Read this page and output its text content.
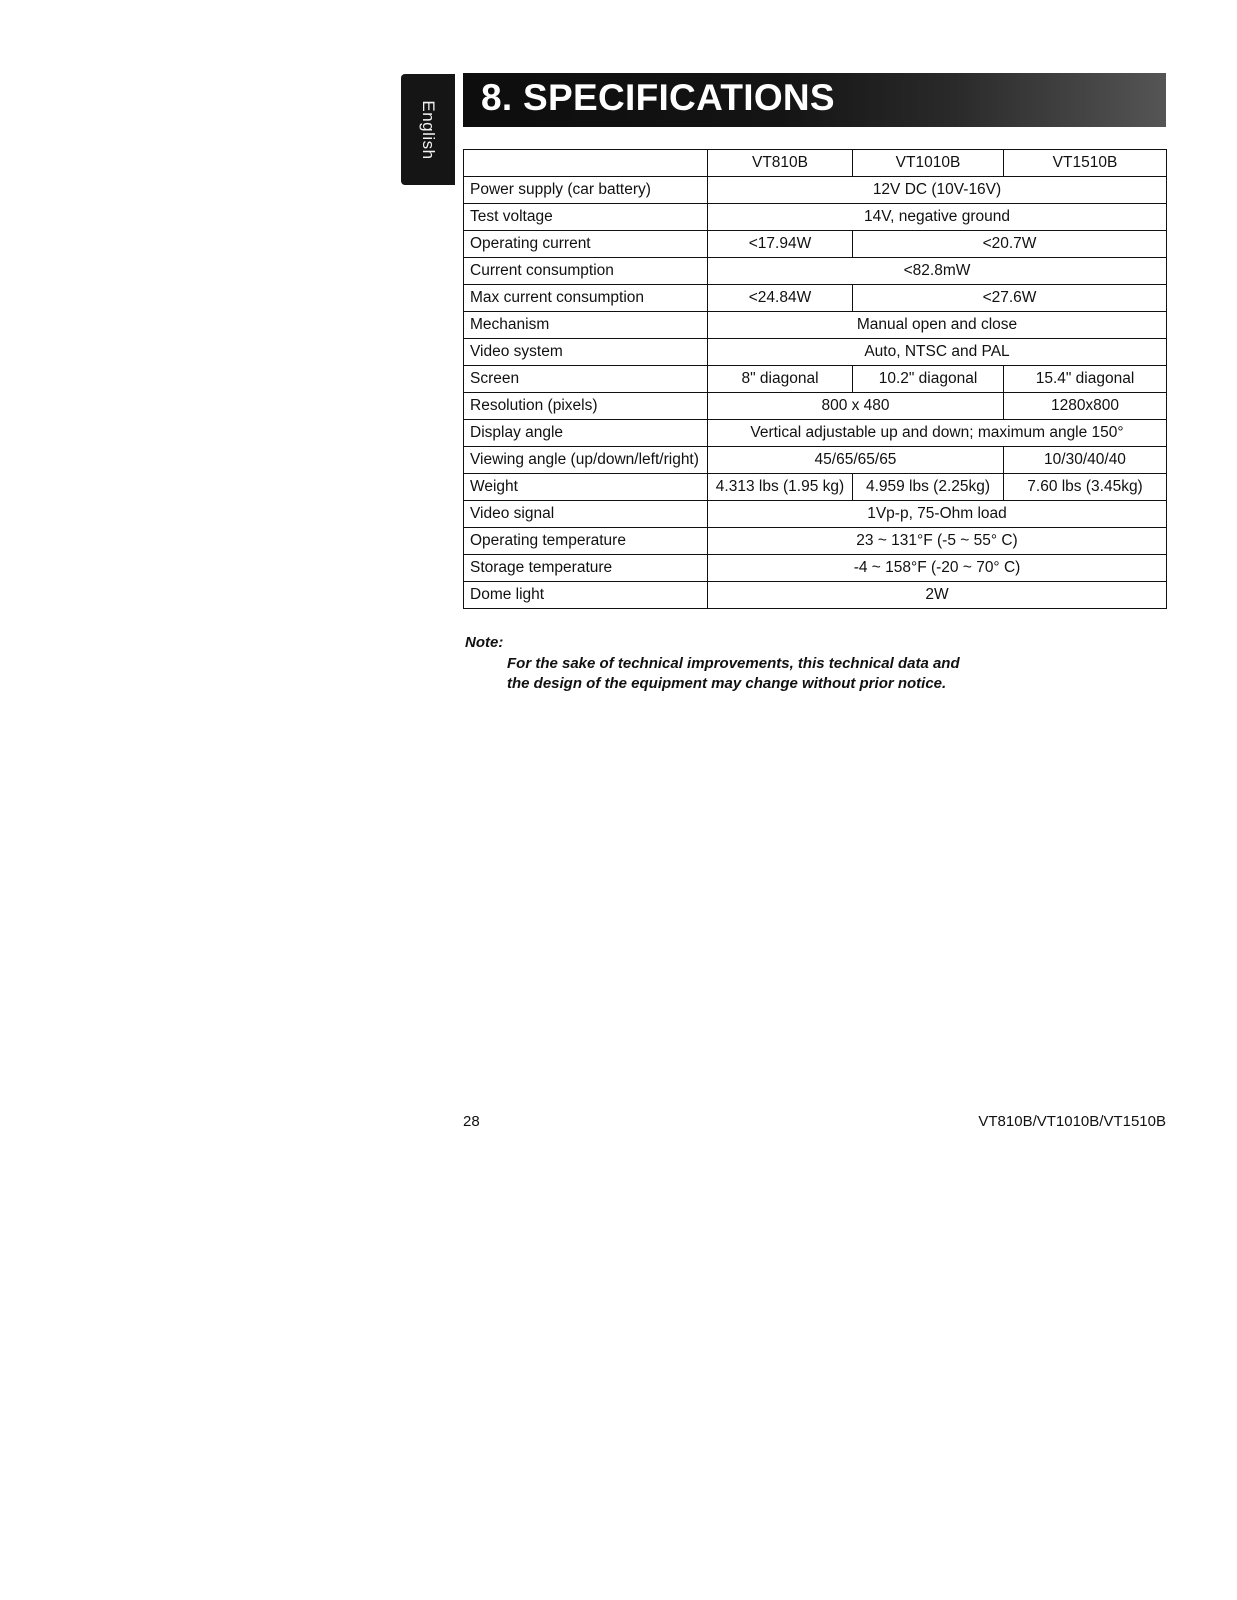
English
8. SPECIFICATIONS
	VT810B	VT1010B	VT1510B
Power supply (car battery)	12V DC (10V-16V)		
Test voltage	14V, negative ground		
Operating current	<17.94W	<20.7W	
Current consumption	<82.8mW		
Max current consumption	<24.84W	<27.6W	
Mechanism	Manual open and close		
Video system	Auto, NTSC and PAL		
Screen	8" diagonal	10.2" diagonal	15.4" diagonal
Resolution (pixels)	800 x 480		1280x800
Display angle	Vertical adjustable up and down; maximum angle 150°		
Viewing angle (up/down/left/right)	45/65/65/65		10/30/40/40
Weight	4.313 lbs (1.95 kg)	4.959 lbs (2.25kg)	7.60 lbs (3.45kg)
Video signal	1Vp-p, 75-Ohm load		
Operating temperature	23 ~ 131°F (-5 ~ 55° C)		
Storage temperature	-4 ~ 158°F (-20 ~ 70° C)		
Dome light	2W		
Note:
For the sake of technical improvements, this technical data and
the design of the equipment may change without prior notice.
28	VT810B/VT1010B/VT1510B
